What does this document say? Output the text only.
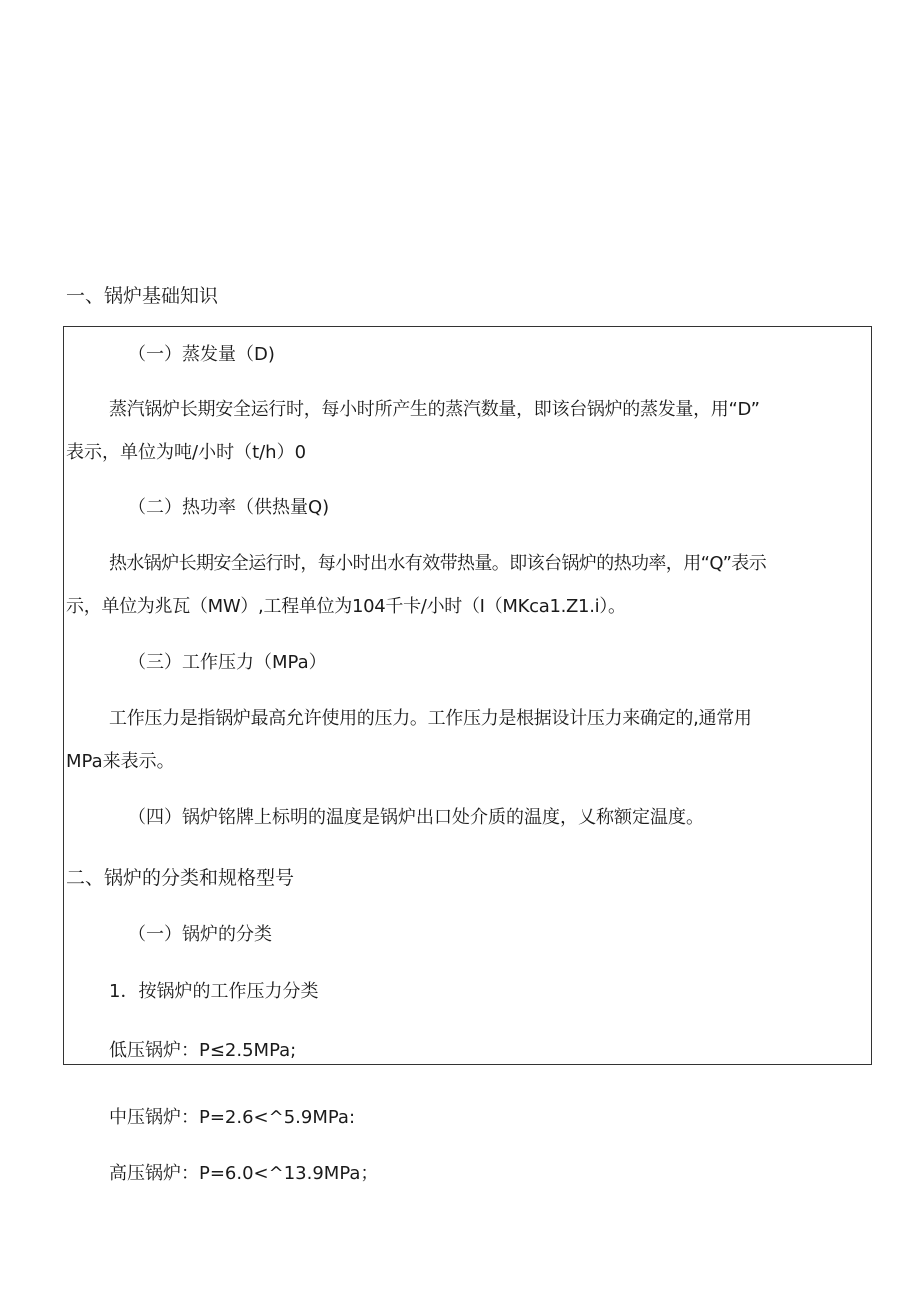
一、锅炉基础知识
（一）蒸发量（D)
蒸汽锅炉长期安全运行时，每小时所产生的蒸汽数量，即该台锅炉的蒸发量，用“D”
表示，单位为吨/小时（t/h）0
（二）热功率（供热量Q)
热水锅炉长期安全运行时，每小时出水有效带热量。即该台锅炉的热功率，用“Q”表示
示，单位为兆瓦（MW）,工程单位为104千卡/小时（I（MKca1.Z1.i）。
（三）工作压力（MPa）
工作压力是指锅炉最高允许使用的压力。工作压力是根据设计压力来确定的,通常用
MPa来表示。
（四）锅炉铭牌上标明的温度是锅炉出口处介质的温度，乂称额定温度。
二、锅炉的分类和规格型号
（一）锅炉的分类
1．按锅炉的工作压力分类
低压锅炉：P≤2.5MPa;
中压锅炉：P=2.6<^5.9MPa:
高压锅炉：P=6.0<^13.9MPa；
